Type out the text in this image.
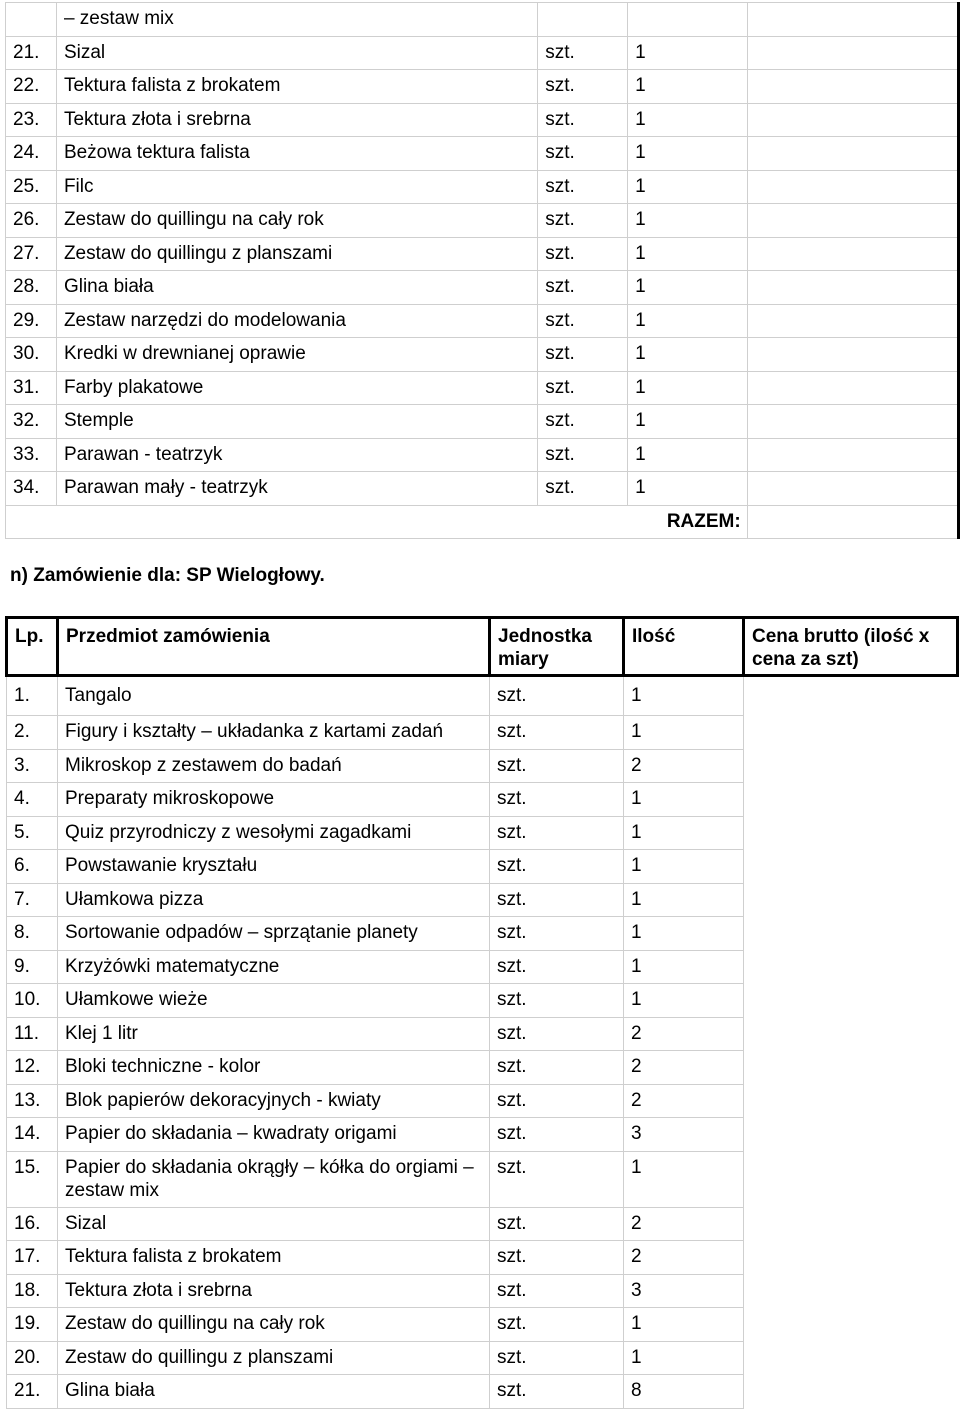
	– zestaw mix			
21.	Sizal	szt.	1	
22.	Tektura falista z brokatem	szt.	1	
23.	Tektura złota i srebrna	szt.	1	
24.	Beżowa tektura falista	szt.	1	
25.	Filc	szt.	1	
26.	Zestaw do quillingu na cały rok	szt.	1	
27.	Zestaw do quillingu z planszami	szt.	1	
28.	Glina biała	szt.	1	
29.	Zestaw narzędzi do modelowania	szt.	1	
30.	Kredki w drewnianej oprawie	szt.	1	
31.	Farby plakatowe	szt.	1	
32.	Stemple	szt.	1	
33.	Parawan - teatrzyk	szt.	1	
34.	Parawan mały - teatrzyk	szt.	1	
RAZEM:				

n) Zamówienie dla: SP Wielogłowy.

Lp.	Przedmiot zamówienia	Jednostka miary	Ilość	Cena brutto (ilość x cena za szt)
1.	Tangalo	szt.	1	
2.	Figury i kształty – układanka z kartami zadań	szt.	1	
3.	Mikroskop z zestawem do badań	szt.	2	
4.	Preparaty mikroskopowe	szt.	1	
5.	Quiz przyrodniczy z wesołymi zagadkami	szt.	1	
6.	Powstawanie kryształu	szt.	1	
7.	Ułamkowa pizza	szt.	1	
8.	Sortowanie odpadów – sprzątanie planety	szt.	1	
9.	Krzyżówki matematyczne	szt.	1	
10.	Ułamkowe wieże	szt.	1	
11.	Klej 1 litr	szt.	2	
12.	Bloki techniczne - kolor	szt.	2	
13.	Blok papierów dekoracyjnych - kwiaty	szt.	2	
14.	Papier do składania – kwadraty origami	szt.	3	
15.	Papier do składania okrągły – kółka do orgiami – zestaw mix	szt.	1	
16.	Sizal	szt.	2	
17.	Tektura falista z brokatem	szt.	2	
18.	Tektura złota i srebrna	szt.	3	
19.	Zestaw do quillingu na cały rok	szt.	1	
20.	Zestaw do quillingu z planszami	szt.	1	
21.	Glina biała	szt.	8	
